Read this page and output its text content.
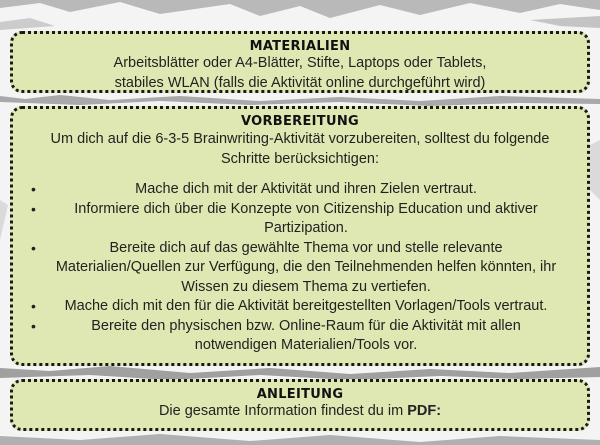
MATERIALIEN

Arbeitsblätter oder A4-Blätter, Stifte, Laptops oder Tablets,

stabiles WLAN (falls die Aktivität online durchgeführt wird)

VORBEREITUNG

Um dich auf die 6-3-5 Brainwriting-Aktivität vorzubereiten, solltest du folgende Schritte berücksichtigen:

•	Mache dich mit der Aktivität und ihren Zielen vertraut.
•	Informiere dich über die Konzepte von Citizenship Education und aktiver Partizipation.
•	Bereite dich auf das gewählte Thema vor und stelle relevante Materialien/Quellen zur Verfügung, die den Teilnehmenden helfen könnten, ihr Wissen zu diesem Thema zu vertiefen.
• Mache dich mit den für die Aktivität bereitgestellten Vorlagen/Tools vertraut.
•	Bereite den physischen bzw. Online-Raum für die Aktivität mit allen notwendigen Materialien/Tools vor.
ANLEITUNG

Die gesamte Information findest du im PDF:
